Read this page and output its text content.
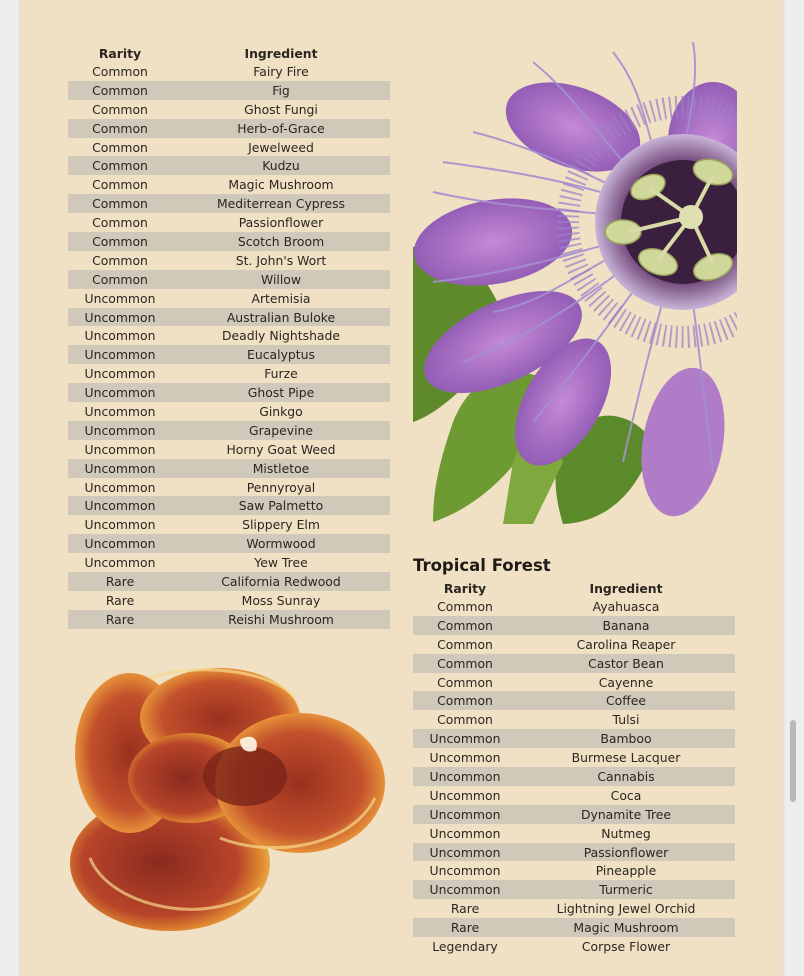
Rarity	Ingredient
Common	Fairy Fire
Common	Fig
Common	Ghost Fungi
Common	Herb-of-Grace
Common	Jewelweed
Common	Kudzu
Common	Magic Mushroom
Common	Mediterrean Cypress
Common	Passionflower
Common	Scotch Broom
Common	St. John's Wort
Common	Willow
Uncommon	Artemisia
Uncommon	Australian Buloke
Uncommon	Deadly Nightshade
Uncommon	Eucalyptus
Uncommon	Furze
Uncommon	Ghost Pipe
Uncommon	Ginkgo
Uncommon	Grapevine
Uncommon	Horny Goat Weed
Uncommon	Mistletoe
Uncommon	Pennyroyal
Uncommon	Saw Palmetto
Uncommon	Slippery Elm
Uncommon	Wormwood
Uncommon	Yew Tree
Rare	California Redwood
Rare	Moss Sunray
Rare	Reishi Mushroom
Tropical Forest
Rarity	Ingredient
Common	Ayahuasca
Common	Banana
Common	Carolina Reaper
Common	Castor Bean
Common	Cayenne
Common	Coffee
Common	Tulsi
Uncommon	Bamboo
Uncommon	Burmese Lacquer
Uncommon	Cannabis
Uncommon	Coca
Uncommon	Dynamite Tree
Uncommon	Nutmeg
Uncommon	Passionflower
Uncommon	Pineapple
Uncommon	Turmeric
Rare	Lightning Jewel Orchid
Rare	Magic Mushroom
Legendary	Corpse Flower
